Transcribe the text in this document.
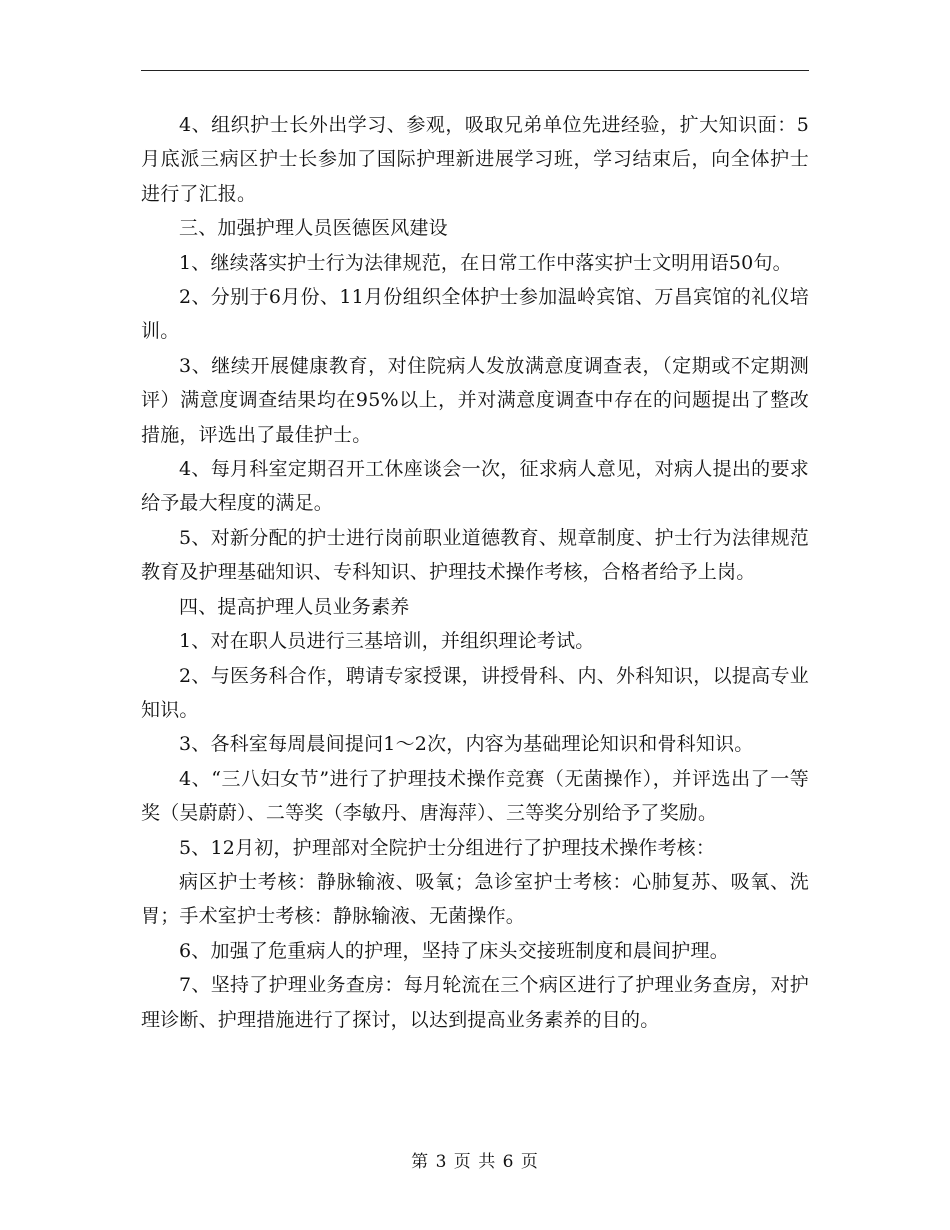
4、组织护士长外出学习、参观，吸取兄弟单位先进经验，扩大知识面：5月底派三病区护士长参加了国际护理新进展学习班，学习结束后，向全体护士进行了汇报。

三、加强护理人员医德医风建设

1、继续落实护士行为法律规范，在日常工作中落实护士文明用语50句。

2、分别于6月份、11月份组织全体护士参加温岭宾馆、万昌宾馆的礼仪培训。

3、继续开展健康教育，对住院病人发放满意度调查表，（定期或不定期测评）满意度调查结果均在95%以上，并对满意度调查中存在的问题提出了整改措施，评选出了最佳护士。

4、每月科室定期召开工休座谈会一次，征求病人意见，对病人提出的要求给予最大程度的满足。

5、对新分配的护士进行岗前职业道德教育、规章制度、护士行为法律规范教育及护理基础知识、专科知识、护理技术操作考核，合格者给予上岗。

四、提高护理人员业务素养

1、对在职人员进行三基培训，并组织理论考试。

2、与医务科合作，聘请专家授课，讲授骨科、内、外科知识，以提高专业知识。

3、各科室每周晨间提问1～2次，内容为基础理论知识和骨科知识。

4、“三八妇女节”进行了护理技术操作竞赛（无菌操作），并评选出了一等奖（吴蔚蔚）、二等奖（李敏丹、唐海萍）、三等奖分别给予了奖励。

5、12月初，护理部对全院护士分组进行了护理技术操作考核：

病区护士考核：静脉输液、吸氧；急诊室护士考核：心肺复苏、吸氧、洗胃；手术室护士考核：静脉输液、无菌操作。

6、加强了危重病人的护理，坚持了床头交接班制度和晨间护理。

7、坚持了护理业务查房：每月轮流在三个病区进行了护理业务查房，对护理诊断、护理措施进行了探讨，以达到提高业务素养的目的。

第 3 页 共 6 页
